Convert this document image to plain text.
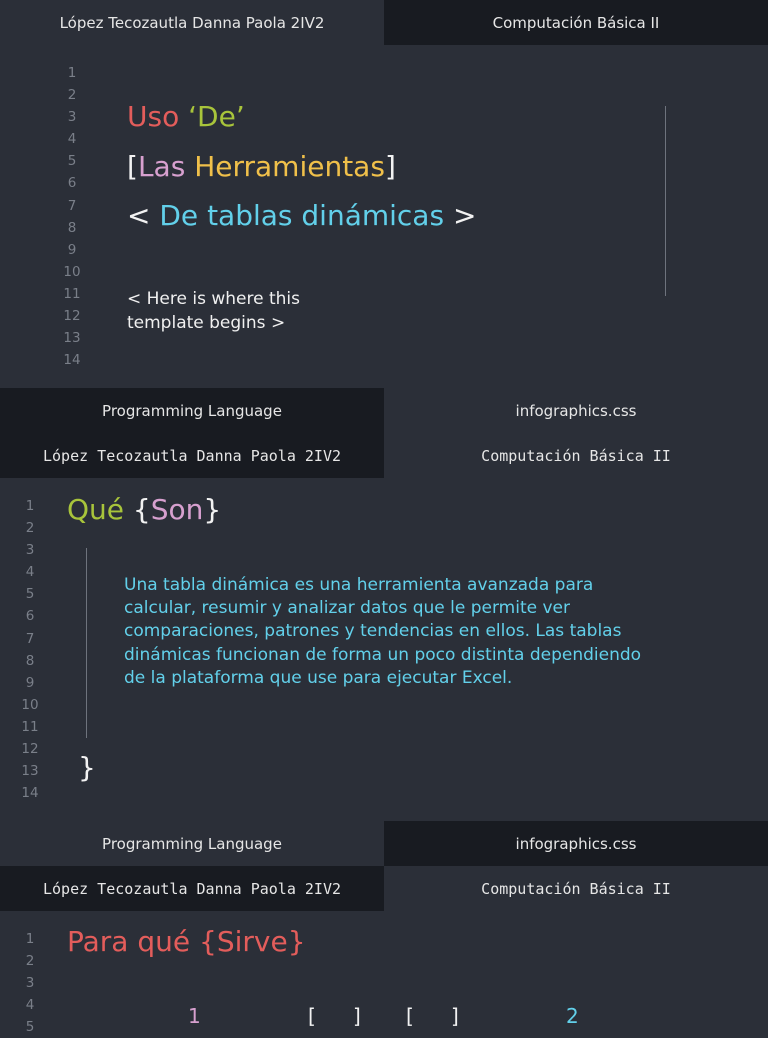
López Tecozautla Danna Paola 2IV2	Computación Básica II
1
2
3
4
5
6
7
8
9
10
11
12
13
14
Uso ‘De’
[Las Herramientas]
< De tablas dinámicas >
< Here is where this
template begins >
Programming Language	infographics.css
López Tecozautla Danna Paola 2IV2	Computación Básica II
1
2
3
4
5
6
7
8
9
10
11
12
13
14
Qué {Son}
Una tabla dinámica es una herramienta avanzada para calcular, resumir y analizar datos que le permite ver comparaciones, patrones y tendencias en ellos. Las tablas dinámicas funcionan de forma un poco distinta dependiendo de la plataforma que use para ejecutar Excel.
}
Programming Language	infographics.css
López Tecozautla Danna Paola 2IV2	Computación Básica II
1
2
3
4
5
Para qué {Sirve}
1	[ ] [ ]	2
